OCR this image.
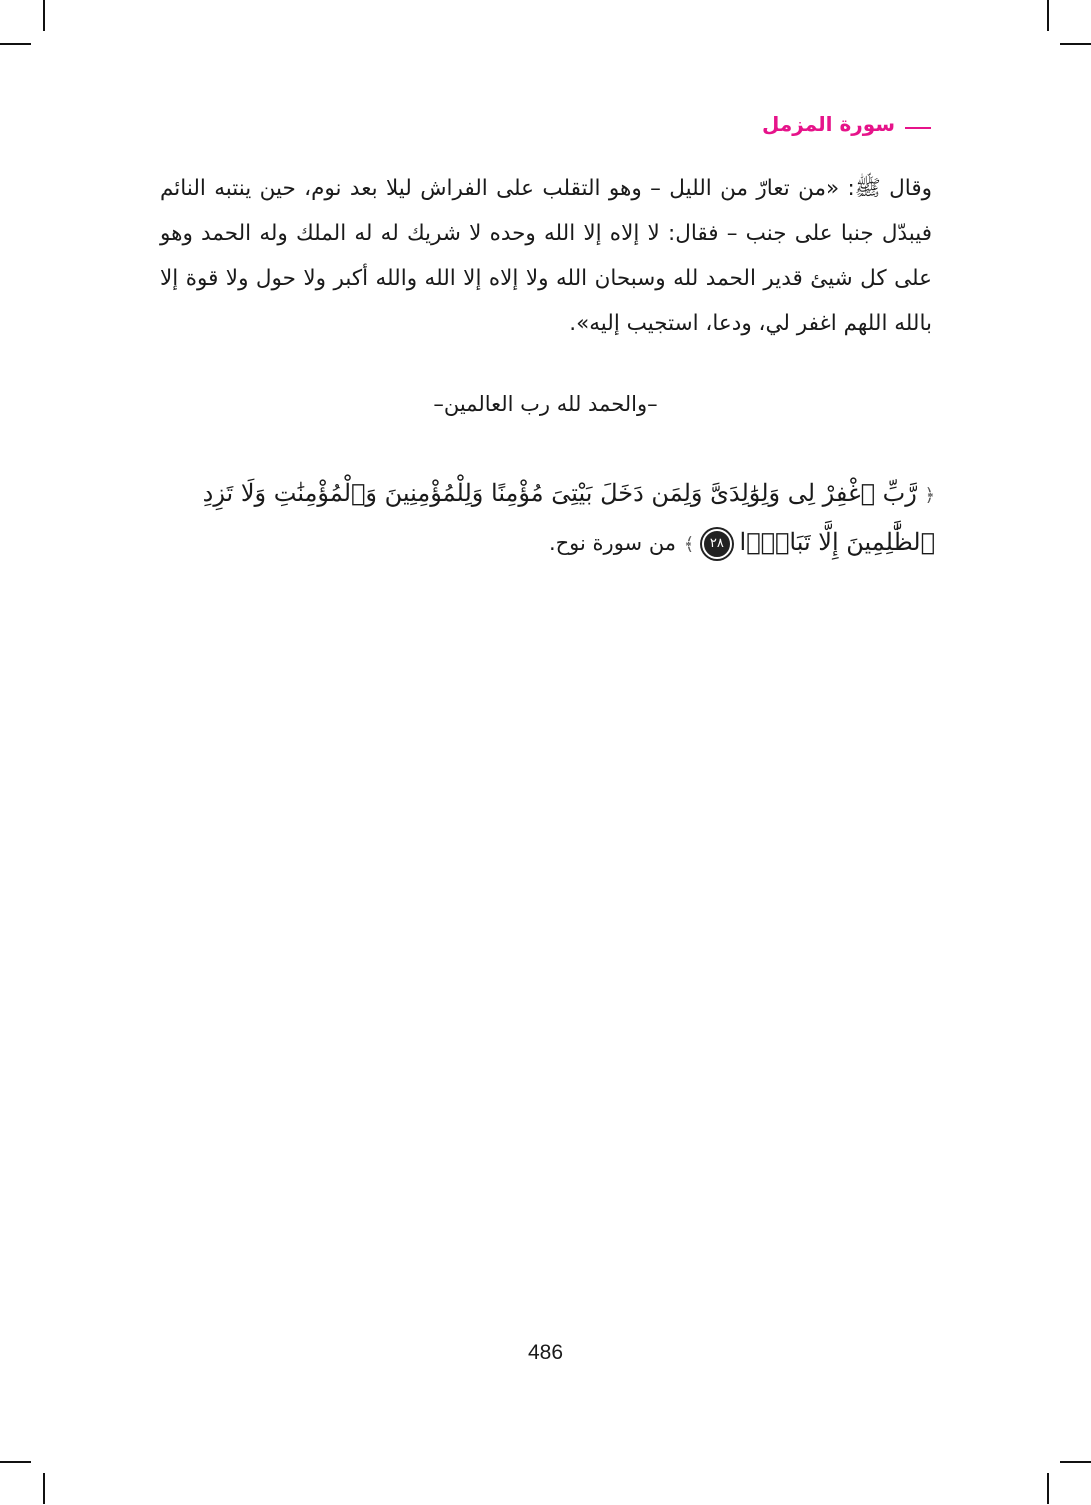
سورة المزمل

وقال ﷺ: «من تعارّ من الليل – وهو التقلب على الفراش ليلا بعد نوم، حين ينتبه النائم فيبدّل جنبا على جنب – فقال: لا إلاه إلا الله وحده لا شريك له له الملك وله الحمد وهو على كل شيئ قدير الحمد لله وسبحان الله ولا إلاه إلا الله والله أكبر ولا حول ولا قوة إلا بالله اللهم اغفر لي، ودعا، استجيب إليه».

–والحمد لله رب العالمين–
﴿ رَّبِّ ٱغْفِرْ لِى وَلِوَٰلِدَىَّ وَلِمَن دَخَلَ بَيْتِىَ مُؤْمِنًا وَلِلْمُؤْمِنِينَ وَٱلْمُؤْمِنَٰتِ وَلَا تَزِدِ ٱلظَّٰلِمِينَ إِلَّا تَبَارًۢا ٢٨ ﴾ من سورة نوح.
486
